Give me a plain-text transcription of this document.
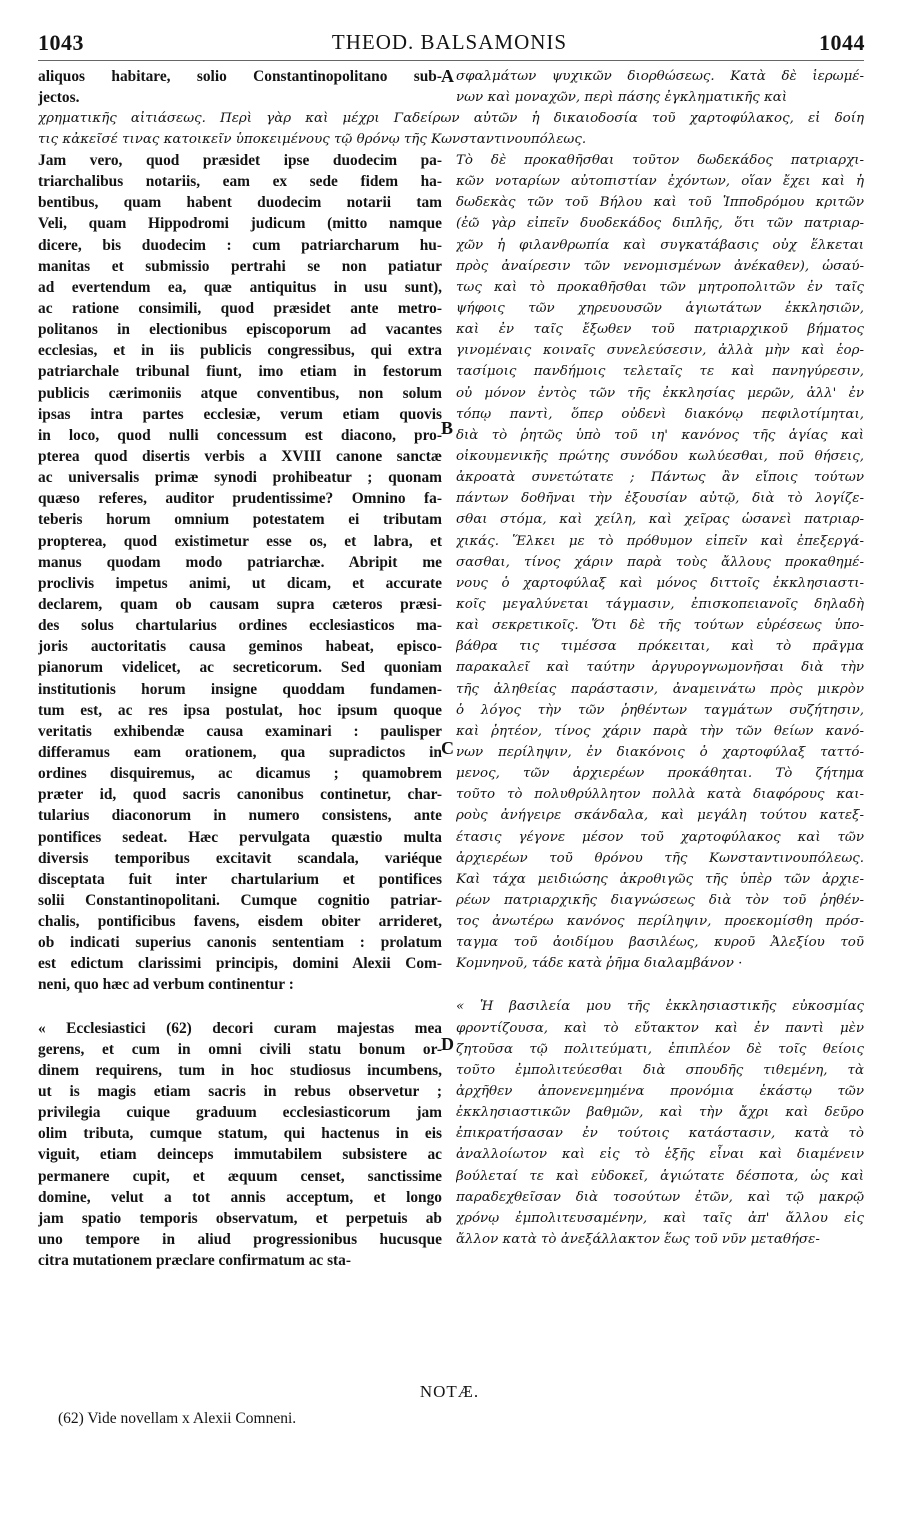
1043	THEOD. BALSAMONIS	1044
aliquos habitare, solio Constantinopolitano sub-
jectos.
σφαλμάτων ψυχικῶν διορθώσεως. Κατὰ δὲ ἱερωμέ-
νων καὶ μοναχῶν, περὶ πάσης ἐγκληματικῆς καὶ
χρηματικῆς αἰτιάσεως. Περὶ γὰρ καὶ μέχρι Γαδείρων αὐτῶν ἡ δικαιοδοσία τοῦ χαρτοφύλακος, εἰ δοίη
τις κἀκεῖσέ τινας κατοικεῖν ὑποκειμένους τῷ θρόνῳ τῆς Κωνσταντινουπόλεως.
Jam vero, quod præsidet ipse duodecim pa-
triarchalibus notariis, eam ex sede fidem ha-
bentibus, quam habent duodecim notarii tam
Veli, quam Hippodromi judicum (mitto namque
dicere, bis duodecim : cum patriarcharum hu-
manitas et submissio pertrahi se non patiatur
ad evertendum ea, quæ antiquitus in usu sunt),
ac ratione consimili, quod præsidet ante metro-
politanos in electionibus episcoporum ad vacantes
ecclesias, et in iis publicis congressibus, qui extra
patriarchale tribunal fiunt, imo etiam in festorum
publicis cærimoniis atque conventibus, non solum
ipsas intra partes ecclesiæ, verum etiam quovis
in loco, quod nulli concessum est diacono, pro-
pterea quod disertis verbis a XVIII canone sanctæ
ac universalis primæ synodi prohibeatur ; quonam
quæso referes, auditor prudentissime? Omnino fa-
teberis horum omnium potestatem ei tributam
propterea, quod existimetur esse os, et labra, et
manus quodam modo patriarchæ. Abripit me
proclivis impetus animi, ut dicam, et accurate
declarem, quam ob causam supra cæteros præsi-
des solus chartularius ordines ecclesiasticos ma-
joris auctoritatis causa geminos habeat, episco-
pianorum videlicet, ac secreticorum. Sed quoniam
institutionis horum insigne quoddam fundamen-
tum est, ac res ipsa postulat, hoc ipsum quoque
veritatis exhibendæ causa examinari : paulisper
differamus eam orationem, qua supradictos in
ordines disquiremus, ac dicamus ; quamobrem
præter id, quod sacris canonibus continetur, char-
tularius diaconorum in numero consistens, ante
pontifices sedeat. Hæc pervulgata quæstio multa
diversis temporibus excitavit scandala, variéque
disceptata fuit inter chartularium et pontifices
solii Constantinopolitani. Cumque cognitio patriar-
chalis, pontificibus favens, eisdem obiter arrideret,
ob indicati superius canonis sententiam : prolatum
est edictum clarissimi principis, domini Alexii Com-
neni, quo hæc ad verbum continentur :
« Ecclesiastici (62) decori curam majestas mea
gerens, et cum in omni civili statu bonum or-
dinem requirens, tum in hoc studiosus incumbens,
ut is magis etiam sacris in rebus observetur ;
privilegia cuique graduum ecclesiasticorum jam
olim tributa, cumque statum, qui hactenus in eis
viguit, etiam deinceps immutabilem subsistere ac
permanere cupit, et æquum censet, sanctissime
domine, velut a tot annis acceptum, et longo
jam spatio temporis observatum, et perpetuis ab
uno tempore in aliud progressionibus hucusque
citra mutationem præclare confirmatum ac sta-
Τὸ δὲ προκαθῆσθαι τοῦτον δωδεκάδος πατριαρχι-
κῶν νοταρίων αὐτοπιστίαν ἐχόντων, οἵαν ἔχει καὶ ἡ
δωδεκὰς τῶν τοῦ Βήλου καὶ τοῦ Ἱπποδρόμου κριτῶν
(ἐῶ γὰρ εἰπεῖν δυοδεκάδος διπλῆς, ὅτι τῶν πατριαρ-
χῶν ἡ φιλανθρωπία καὶ συγκατάβασις οὐχ ἕλκεται
πρὸς ἀναίρεσιν τῶν νενομισμένων ἀνέκαθεν), ὡσαύ-
τως καὶ τὸ προκαθῆσθαι τῶν μητροπολιτῶν ἐν ταῖς
ψήφοις τῶν χηρευουσῶν ἁγιωτάτων ἐκκλησιῶν,
καὶ ἐν ταῖς ἔξωθεν τοῦ πατριαρχικοῦ βήματος
γινομέναις κοιναῖς συνελεύσεσιν, ἀλλὰ μὴν καὶ ἑορ-
τασίμοις πανδήμοις τελεταῖς τε καὶ πανηγύρεσιν,
οὐ μόνον ἐντὸς τῶν τῆς ἐκκλησίας μερῶν, ἀλλ' ἐν
τόπῳ παντὶ, ὅπερ οὐδενὶ διακόνῳ πεφιλοτίμηται,
διὰ τὸ ῥητῶς ὑπὸ τοῦ ιη' κανόνος τῆς ἁγίας καὶ
οἰκουμενικῆς πρώτης συνόδου κωλύεσθαι, ποῦ θήσεις,
ἀκροατὰ συνετώτατε ; Πάντως ἂν εἴποις τούτων
πάντων δοθῆναι τὴν ἐξουσίαν αὐτῷ, διὰ τὸ λογίζε-
σθαι στόμα, καὶ χείλη, καὶ χεῖρας ὡσανεὶ πατριαρ-
χικάς. Ἕλκει με τὸ πρόθυμον εἰπεῖν καὶ ἐπεξεργά-
σασθαι, τίνος χάριν παρὰ τοὺς ἄλλους προκαθημέ-
νους ὁ χαρτοφύλαξ καὶ μόνος διττοῖς ἐκκλησιαστι-
κοῖς μεγαλύνεται τάγμασιν, ἐπισκοπειανοῖς δηλαδὴ
καὶ σεκρετικοῖς. Ὅτι δὲ τῆς τούτων εὑρέσεως ὑπο-
βάθρα τις τιμέσσα πρόκειται, καὶ τὸ πρᾶγμα
παρακαλεῖ καὶ ταύτην ἀργυρογνωμονῆσαι διὰ τὴν
τῆς ἀληθείας παράστασιν, ἀναμεινάτω πρὸς μικρὸν
ὁ λόγος τὴν τῶν ῥηθέντων ταγμάτων συζήτησιν,
καὶ ῥητέον, τίνος χάριν παρὰ τὴν τῶν θείων κανό-
νων περίληψιν, ἐν διακόνοις ὁ χαρτοφύλαξ ταττό-
μενος, τῶν ἀρχιερέων προκάθηται. Τὸ ζήτημα
τοῦτο τὸ πολυθρύλλητον πολλὰ κατὰ διαφόρους και-
ροὺς ἀνήγειρε σκάνδαλα, καὶ μεγάλη τούτου κατεξ-
έτασις γέγονε μέσον τοῦ χαρτοφύλακος καὶ τῶν
ἀρχιερέων τοῦ θρόνου τῆς Κωνσταντινουπόλεως.
Καὶ τάχα μειδιώσης ἀκροθιγῶς τῆς ὑπὲρ τῶν ἀρχιε-
ρέων πατριαρχικῆς διαγνώσεως διὰ τὸν τοῦ ῥηθέν-
τος ἀνωτέρω κανόνος περίληψιν, προεκομίσθη πρόσ-
ταγμα τοῦ ἀοιδίμου βασιλέως, κυροῦ Ἀλεξίου τοῦ
Κομνηνοῦ, τάδε κατὰ ῥῆμα διαλαμβάνον ·
« Ἡ βασιλεία μου τῆς ἐκκλησιαστικῆς εὐκοσμίας
φροντίζουσα, καὶ τὸ εὔτακτον καὶ ἐν παντὶ μὲν
ζητοῦσα τῷ πολιτεύματι, ἐπιπλέον δὲ τοῖς θείοις
τοῦτο ἐμπολιτεύεσθαι διὰ σπουδῆς τιθεμένη, τὰ
ἀρχῆθεν ἀπονενεμημένα προνόμια ἑκάστῳ τῶν
ἐκκλησιαστικῶν βαθμῶν, καὶ τὴν ἄχρι καὶ δεῦρο
ἐπικρατήσασαν ἐν τούτοις κατάστασιν, κατὰ τὸ
ἀναλλοίωτον καὶ εἰς τὸ ἑξῆς εἶναι καὶ διαμένειν
βούλεταί τε καὶ εὐδοκεῖ, ἁγιώτατε δέσποτα, ὡς καὶ
παραδεχθεῖσαν διὰ τοσούτων ἐτῶν, καὶ τῷ μακρῷ
χρόνῳ ἐμπολιτευσαμένην, καὶ ταῖς ἀπ' ἄλλου εἰς
ἄλλον κατὰ τὸ ἀνεξάλλακτον ἕως τοῦ νῦν μεταθήσε-
A
B
C
D
NOTÆ.
(62) Vide novellam x Alexii Comneni.
